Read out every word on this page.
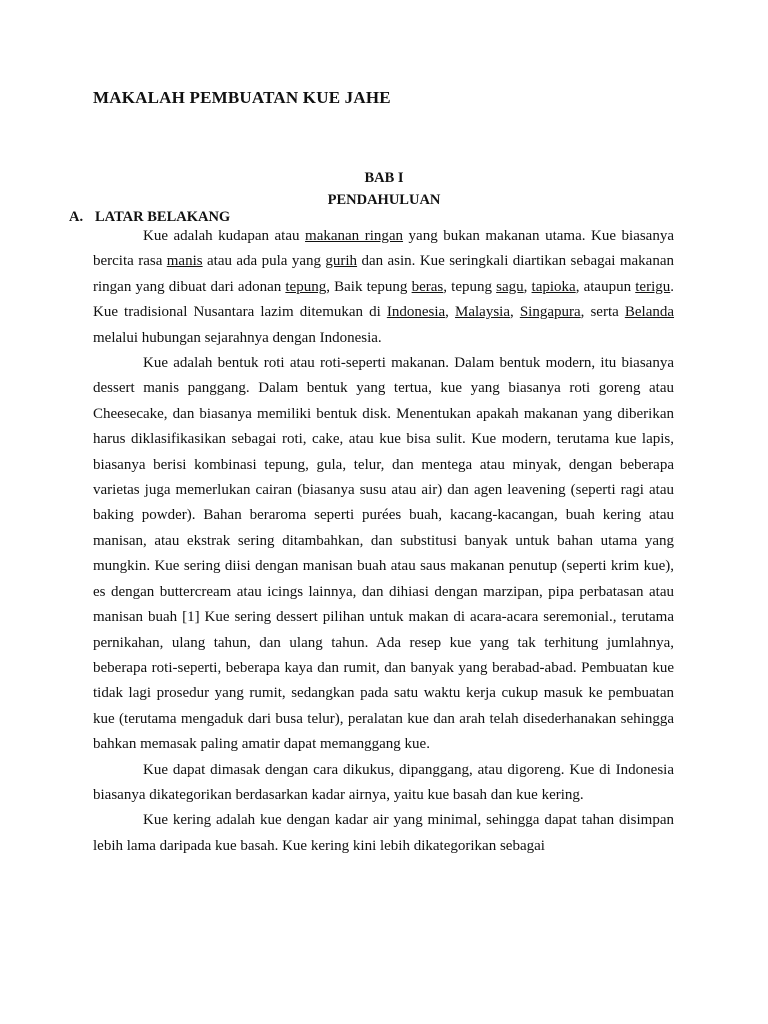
MAKALAH PEMBUATAN KUE JAHE
BAB I
PENDAHULUAN
A. LATAR BELAKANG

Kue adalah kudapan atau makanan ringan yang bukan makanan utama. Kue biasanya bercita rasa manis atau ada pula yang gurih dan asin. Kue seringkali diartikan sebagai makanan ringan yang dibuat dari adonan tepung, Baik tepung beras, tepung sagu, tapioka, ataupun terigu. Kue tradisional Nusantara lazim ditemukan di Indonesia, Malaysia, Singapura, serta Belanda melalui hubungan sejarahnya dengan Indonesia.

Kue adalah bentuk roti atau roti-seperti makanan. Dalam bentuk modern, itu biasanya dessert manis panggang. Dalam bentuk yang tertua, kue yang biasanya roti goreng atau Cheesecake, dan biasanya memiliki bentuk disk. Menentukan apakah makanan yang diberikan harus diklasifikasikan sebagai roti, cake, atau kue bisa sulit. Kue modern, terutama kue lapis, biasanya berisi kombinasi tepung, gula, telur, dan mentega atau minyak, dengan beberapa varietas juga memerlukan cairan (biasanya susu atau air) dan agen leavening (seperti ragi atau baking powder). Bahan beraroma seperti purées buah, kacang-kacangan, buah kering atau manisan, atau ekstrak sering ditambahkan, dan substitusi banyak untuk bahan utama yang mungkin. Kue sering diisi dengan manisan buah atau saus makanan penutup (seperti krim kue), es dengan buttercream atau icings lainnya, dan dihiasi dengan marzipan, pipa perbatasan atau manisan buah [1] Kue sering dessert pilihan untuk makan di acara-acara seremonial., terutama pernikahan, ulang tahun, dan ulang tahun. Ada resep kue yang tak terhitung jumlahnya, beberapa roti-seperti, beberapa kaya dan rumit, dan banyak yang berabad-abad. Pembuatan kue tidak lagi prosedur yang rumit, sedangkan pada satu waktu kerja cukup masuk ke pembuatan kue (terutama mengaduk dari busa telur), peralatan kue dan arah telah disederhanakan sehingga bahkan memasak paling amatir dapat memanggang kue.

Kue dapat dimasak dengan cara dikukus, dipanggang, atau digoreng. Kue di Indonesia biasanya dikategorikan berdasarkan kadar airnya, yaitu kue basah dan kue kering.

Kue kering adalah kue dengan kadar air yang minimal, sehingga dapat tahan disimpan lebih lama daripada kue basah. Kue kering kini lebih dikategorikan sebagai
